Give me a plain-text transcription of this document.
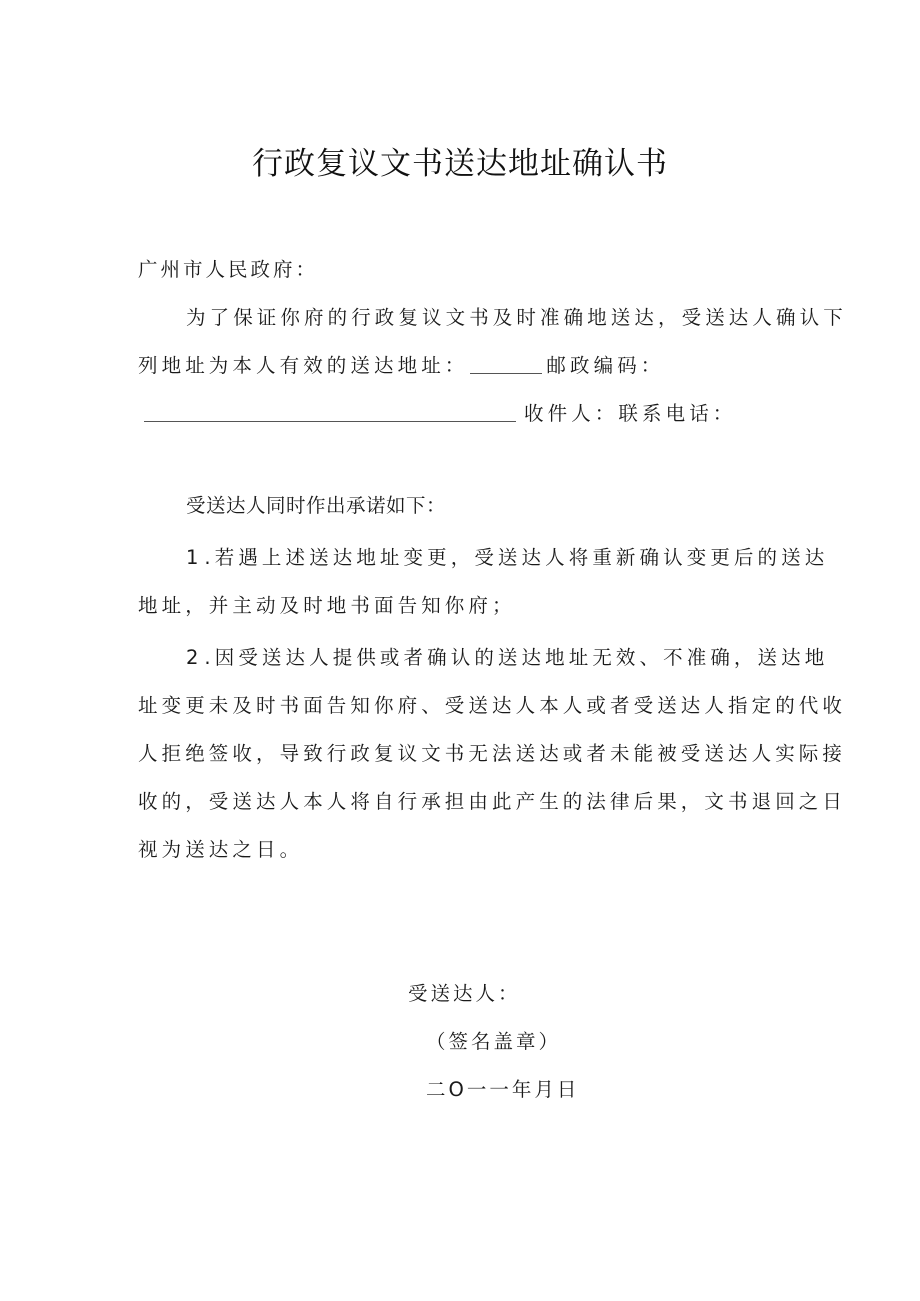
行政复议文书送达地址确认书
广州市人民政府：
为了保证你府的行政复议文书及时准确地送达，受送达人确认下
列地址为本人有效的送达地址：	邮政编码：
收件人：联系电话：
受送达人同时作出承诺如下：
1 .若遇上述送达地址变更，受送达人将重新确认变更后的送达
地址，并主动及时地书面告知你府；
2 .因受送达人提供或者确认的送达地址无效、不准确，送达地
址变更未及时书面告知你府、受送达人本人或者受送达人指定的代收
人拒绝签收，导致行政复议文书无法送达或者未能被受送达人实际接
收的，受送达人本人将自行承担由此产生的法律后果，文书退回之日
视为送达之日。
受送达人：
（签名盖章）
二O一一年月日
